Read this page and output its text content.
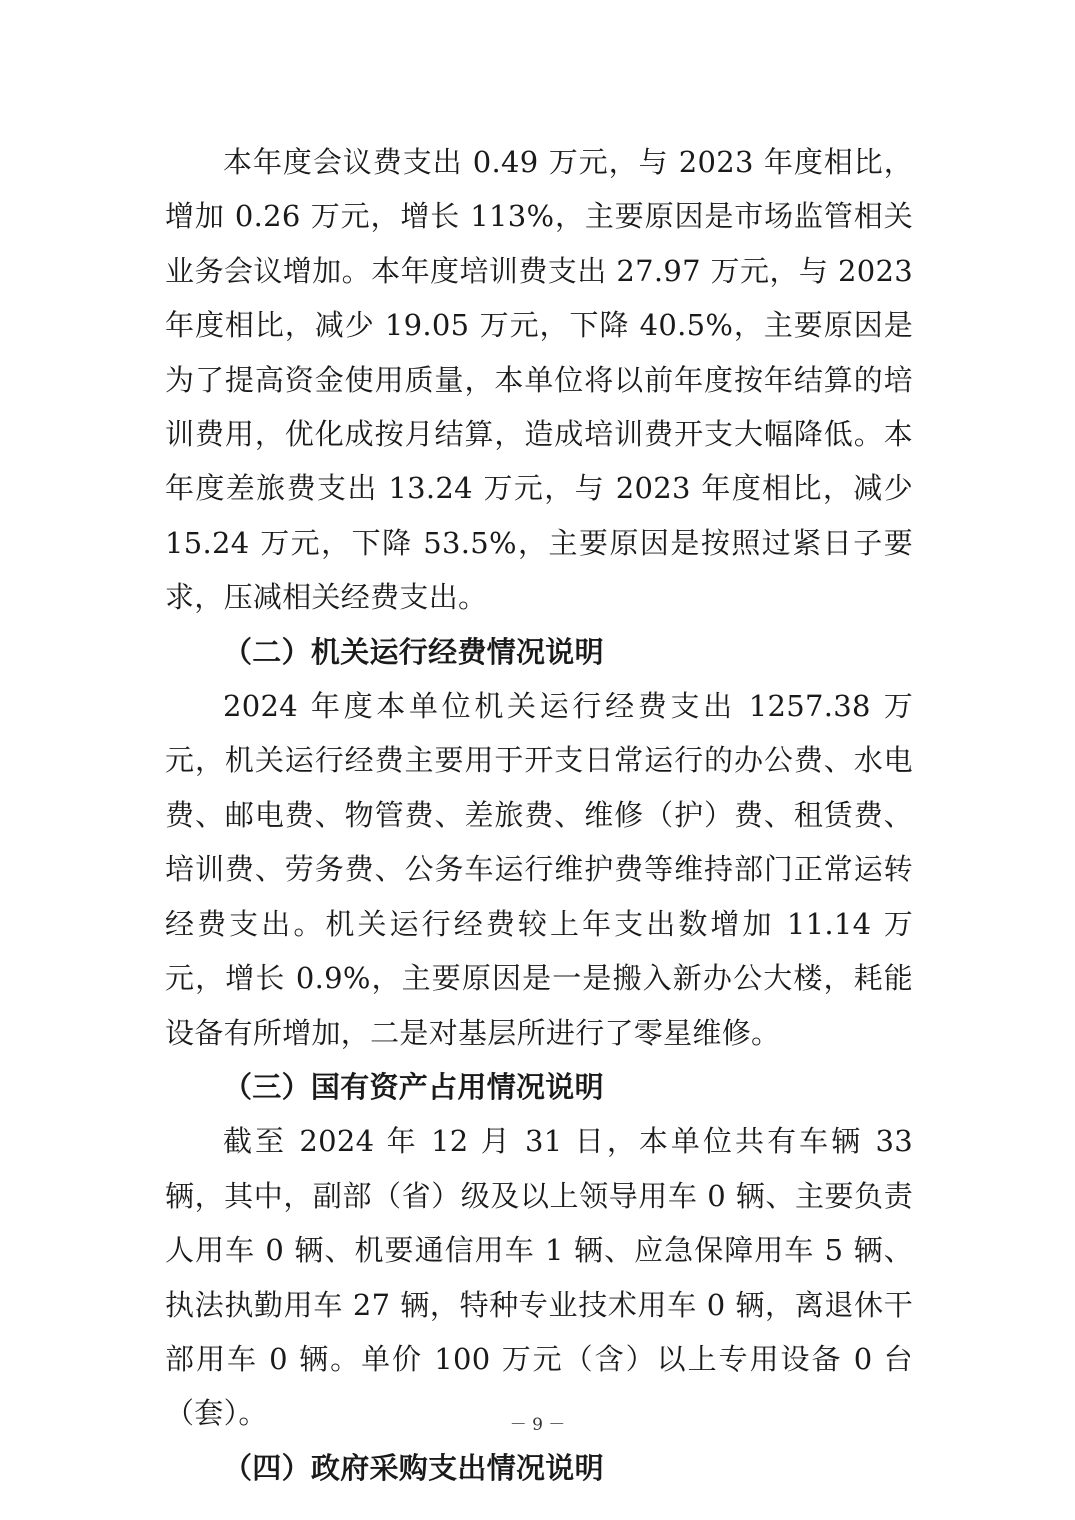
本年度会议费支出 0.49 万元，与 2023 年度相比，增加 0.26 万元，增长 113%，主要原因是市场监管相关业务会议增加。本年度培训费支出 27.97 万元，与 2023 年度相比，减少 19.05 万元，下降 40.5%，主要原因是为了提高资金使用质量，本单位将以前年度按年结算的培训费用，优化成按月结算，造成培训费开支大幅降低。本年度差旅费支出 13.24 万元，与 2023 年度相比，减少 15.24 万元，下降 53.5%，主要原因是按照过紧日子要求，压减相关经费支出。

（二）机关运行经费情况说明

2024 年度本单位机关运行经费支出 1257.38 万元，机关运行经费主要用于开支日常运行的办公费、水电费、邮电费、物管费、差旅费、维修（护）费、租赁费、培训费、劳务费、公务车运行维护费等维持部门正常运转经费支出。机关运行经费较上年支出数增加 11.14 万元，增长 0.9%，主要原因是一是搬入新办公大楼，耗能设备有所增加，二是对基层所进行了零星维修。

（三）国有资产占用情况说明

截至 2024 年 12 月 31 日，本单位共有车辆 33 辆，其中，副部（省）级及以上领导用车 0 辆、主要负责人用车 0 辆、机要通信用车 1 辆、应急保障用车 5 辆、执法执勤用车 27 辆，特种专业技术用车 0 辆，离退休干部用车 0 辆。单价 100 万元（含）以上专用设备 0 台（套）。

（四）政府采购支出情况说明

－ 9 －
